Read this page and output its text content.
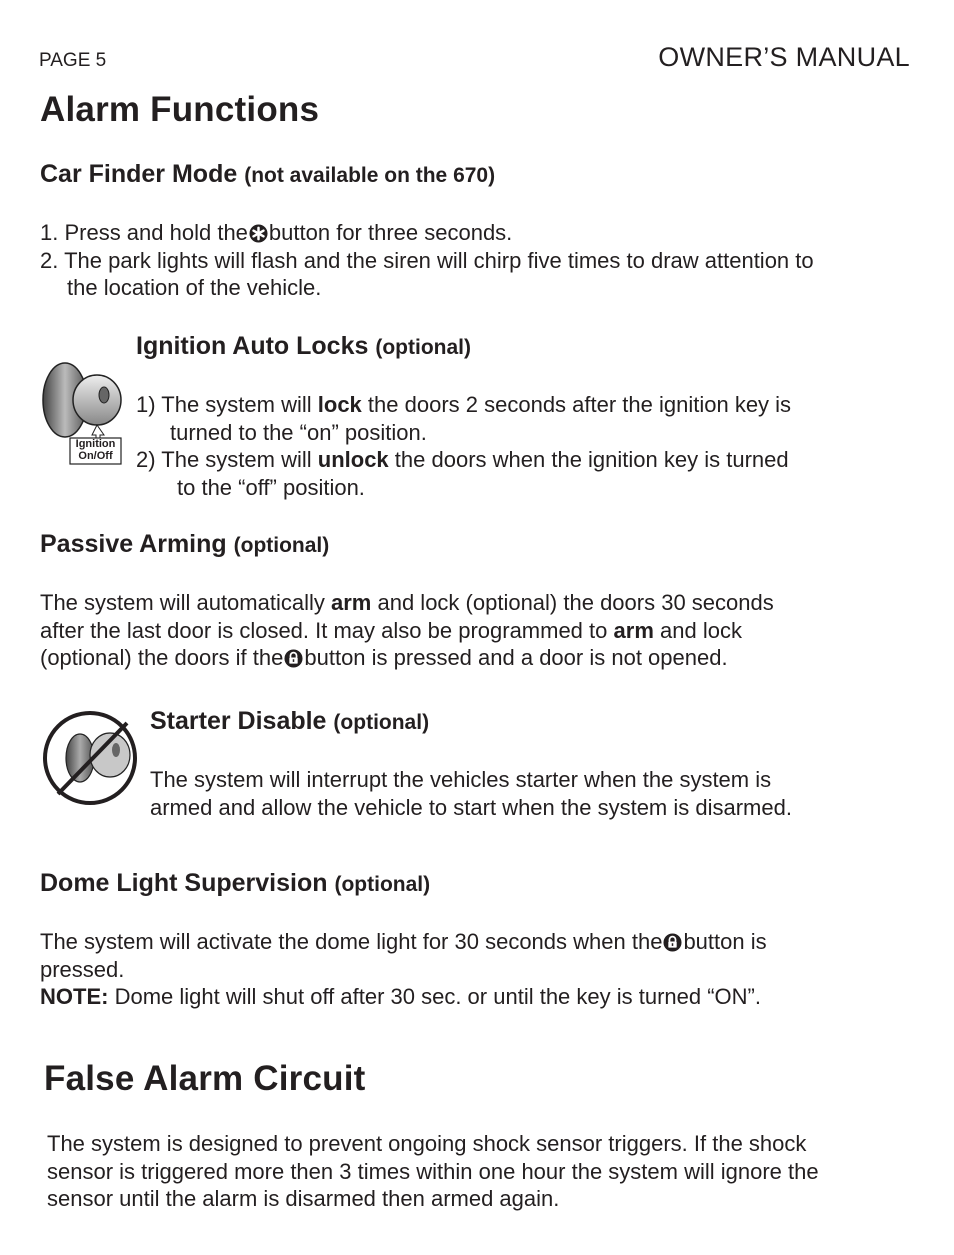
PAGE 5	OWNER’S MANUAL
Alarm Functions
Car Finder Mode (not available on the 670)
1. Press and hold the button for three seconds.
2. The park lights will flash and the siren will chirp five times to draw attention to
the location of the vehicle.
Ignition Auto Locks (optional)
Ignition
On/Off
1) The system will lock the doors 2 seconds after the ignition key is
turned to the “on” position.
2) The system will unlock the doors when the ignition key is turned
to the “off” position.
Passive Arming (optional)
The system will automatically arm and lock (optional) the doors 30 seconds
after the last door is closed. It may also be programmed to arm and lock
(optional) the doors if the button is pressed and a door is not opened.
Starter Disable (optional)
The system will interrupt the vehicles starter when the system is
armed and allow the vehicle to start when the system is disarmed.
Dome Light Supervision (optional)
The system will activate the dome light for 30 seconds when the button is
pressed.
NOTE: Dome light will shut off after 30 sec. or until the key is turned “ON”.
False Alarm Circuit
The system is designed to prevent ongoing shock sensor triggers. If the shock
sensor is triggered more then 3 times within one hour the system will ignore the
sensor until the alarm is disarmed then armed again.
